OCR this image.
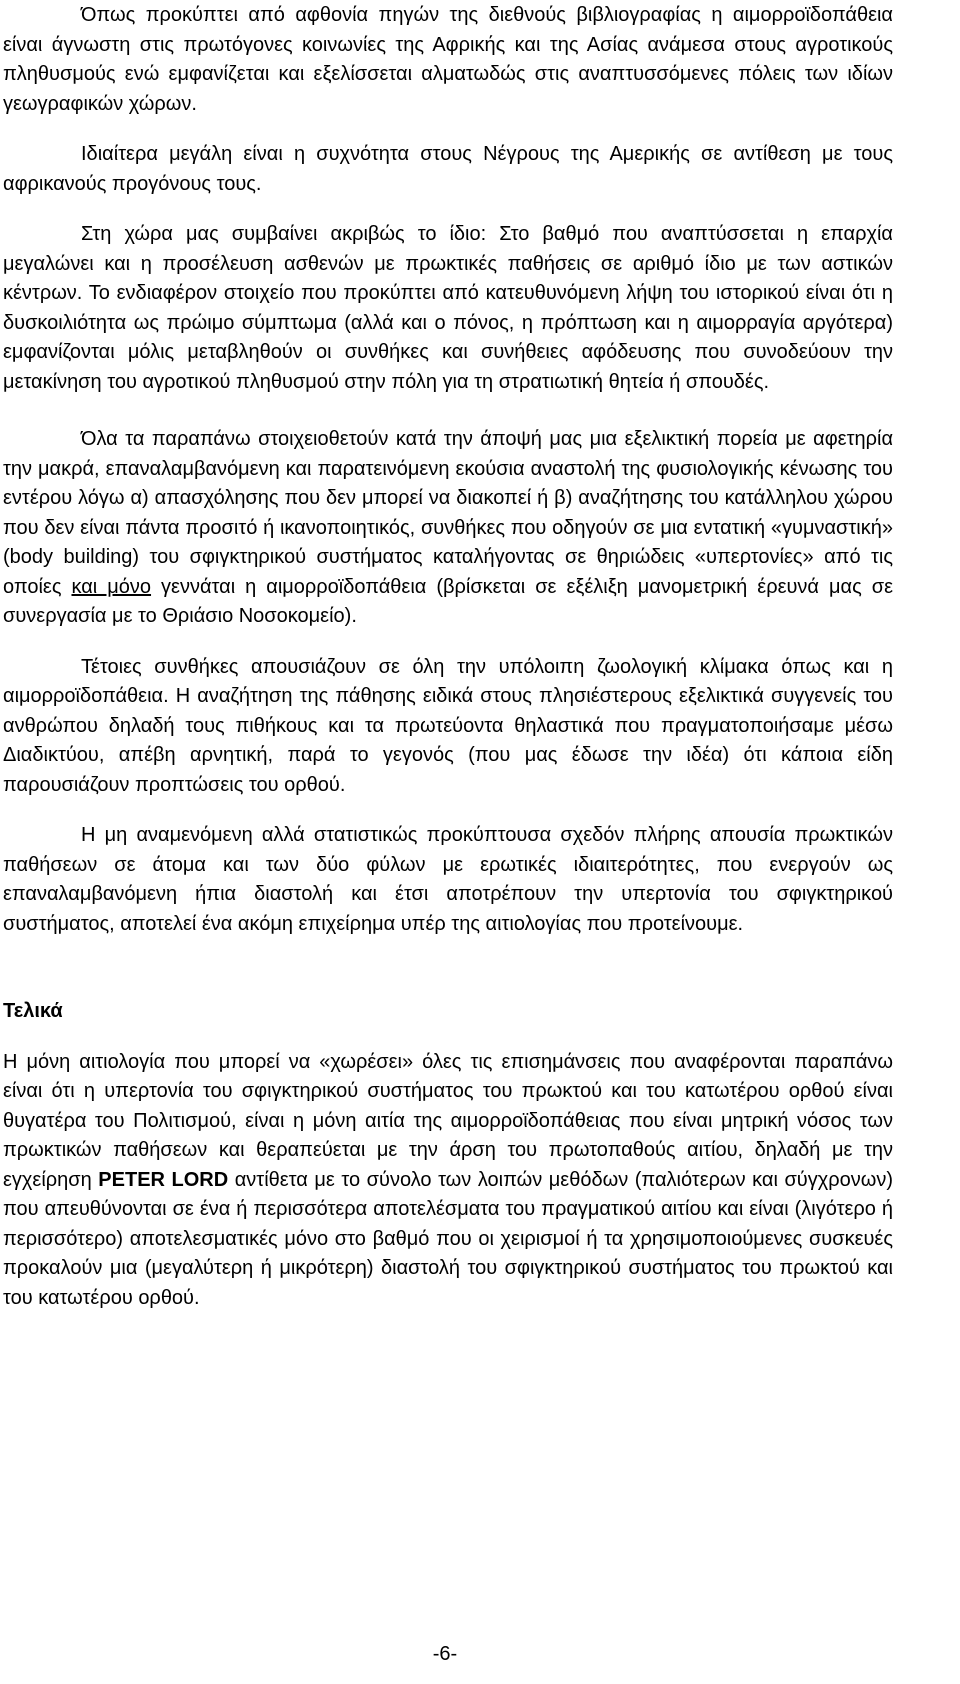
Όπως προκύπτει από αφθονία πηγών της διεθνούς βιβλιογραφίας η αιμορροϊδοπάθεια είναι άγνωστη στις πρωτόγονες κοινωνίες της Αφρικής και της Ασίας ανάμεσα στους αγροτικούς πληθυσμούς ενώ εμφανίζεται και εξελίσσεται αλματωδώς στις αναπτυσσόμενες πόλεις των ιδίων γεωγραφικών χώρων.

Ιδιαίτερα μεγάλη είναι η συχνότητα στους Νέγρους της Αμερικής σε αντίθεση με τους αφρικανούς προγόνους τους.

Στη χώρα μας συμβαίνει ακριβώς το ίδιο: Στο βαθμό που αναπτύσσεται η επαρχία μεγαλώνει και η προσέλευση ασθενών με πρωκτικές παθήσεις σε αριθμό ίδιο με των αστικών κέντρων. Το ενδιαφέρον στοιχείο που προκύπτει από κατευθυνόμενη λήψη του ιστορικού είναι ότι η δυσκοιλιότητα ως πρώιμο σύμπτωμα (αλλά και ο πόνος, η πρόπτωση και η αιμορραγία αργότερα) εμφανίζονται μόλις μεταβληθούν οι συνθήκες και συνήθειες αφόδευσης που συνοδεύουν την μετακίνηση του αγροτικού πληθυσμού στην πόλη για τη στρατιωτική θητεία ή σπουδές.

Όλα τα παραπάνω στοιχειοθετούν κατά την άποψή μας μια εξελικτική πορεία με αφετηρία την μακρά, επαναλαμβανόμενη και παρατεινόμενη εκούσια αναστολή της φυσιολογικής κένωσης του εντέρου λόγω α) απασχόλησης που δεν μπορεί να διακοπεί ή β) αναζήτησης του κατάλληλου χώρου που δεν είναι πάντα προσιτό ή ικανοποιητικός, συνθήκες που οδηγούν σε μια εντατική «γυμναστική» (body building) του σφιγκτηρικού συστήματος καταλήγοντας σε θηριώδεις «υπερτονίες» από τις οποίες και μόνο γεννάται η αιμορροϊδοπάθεια (βρίσκεται σε εξέλιξη μανομετρική έρευνά μας σε συνεργασία με το Θριάσιο Νοσοκομείο).

Τέτοιες συνθήκες απουσιάζουν σε όλη την υπόλοιπη ζωολογική κλίμακα όπως και η αιμορροϊδοπάθεια. Η αναζήτηση της πάθησης ειδικά στους πλησιέστερους εξελικτικά συγγενείς του ανθρώπου δηλαδή τους πιθήκους και τα πρωτεύοντα θηλαστικά που πραγματοποιήσαμε μέσω Διαδικτύου, απέβη αρνητική, παρά το γεγονός (που μας έδωσε την ιδέα) ότι κάποια είδη παρουσιάζουν προπτώσεις του ορθού.

Η μη αναμενόμενη αλλά στατιστικώς προκύπτουσα σχεδόν πλήρης απουσία πρωκτικών παθήσεων σε άτομα και των δύο φύλων με ερωτικές ιδιαιτερότητες, που ενεργούν ως επαναλαμβανόμενη ήπια διαστολή και έτσι αποτρέπουν την υπερτονία του σφιγκτηρικού συστήματος, αποτελεί ένα ακόμη επιχείρημα υπέρ της αιτιολογίας που προτείνουμε.

Τελικά

Η μόνη αιτιολογία που μπορεί να «χωρέσει» όλες τις επισημάνσεις που αναφέρονται παραπάνω είναι ότι η υπερτονία του σφιγκτηρικού συστήματος του πρωκτού και του κατωτέρου ορθού είναι θυγατέρα του Πολιτισμού, είναι η μόνη αιτία της αιμορροϊδοπάθειας που είναι μητρική νόσος των πρωκτικών παθήσεων και θεραπεύεται με την άρση του πρωτοπαθούς αιτίου, δηλαδή με την εγχείρηση PETER LORD αντίθετα με το σύνολο των λοιπών μεθόδων (παλιότερων και σύγχρονων) που απευθύνονται σε ένα ή περισσότερα αποτελέσματα του πραγματικού αιτίου και είναι (λιγότερο ή περισσότερο) αποτελεσματικές μόνο στο βαθμό που οι χειρισμοί ή τα χρησιμοποιούμενες συσκευές προκαλούν μια (μεγαλύτερη ή μικρότερη) διαστολή του σφιγκτηρικού συστήματος του πρωκτού και του κατωτέρου ορθού.

-6-
